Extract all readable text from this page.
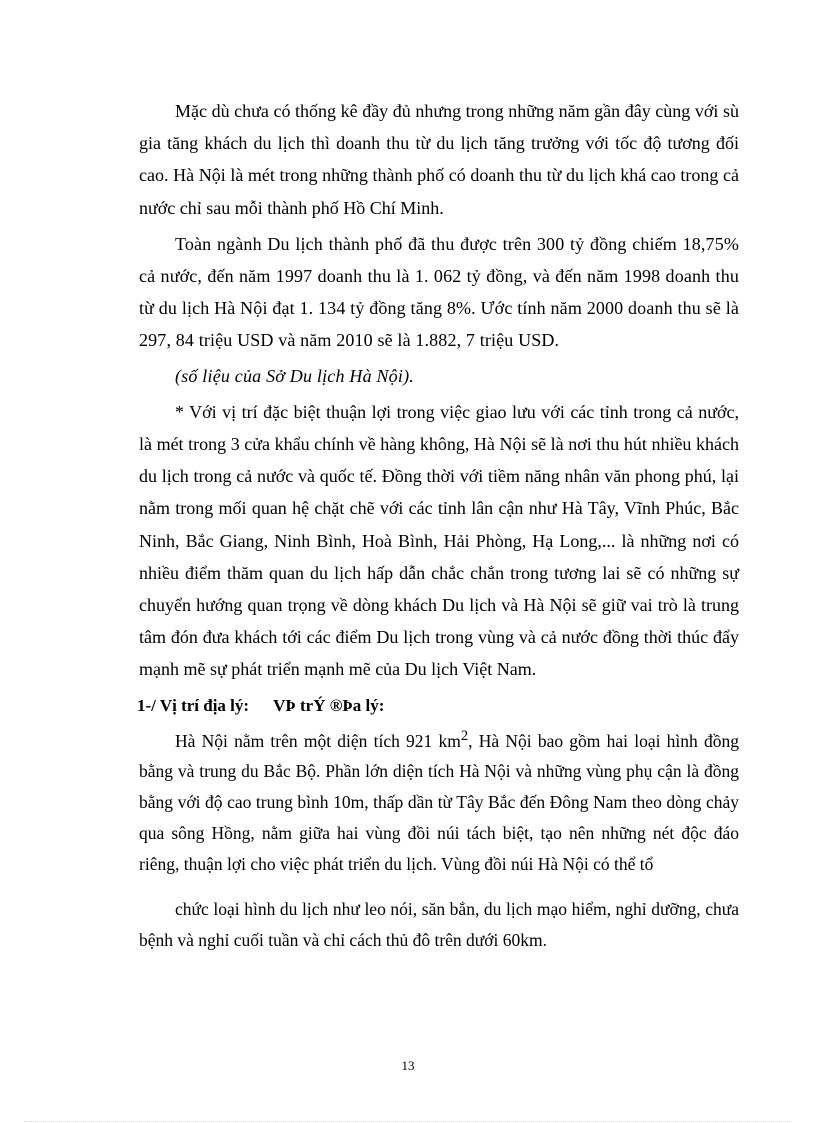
Mặc dù chưa có thống kê đầy đủ nhưng trong những năm gần đây cùng với sù gia tăng khách du lịch thì doanh thu từ du lịch tăng trưởng với tốc độ tương đối cao. Hà Nội là mét trong những thành phố có doanh thu từ du lịch khá cao trong cả nước chỉ sau mỗi thành phố Hồ Chí Minh.

Toàn ngành Du lịch thành phố đã thu được trên 300 tỷ đồng chiếm 18,75% cả nước, đến năm 1997 doanh thu là 1. 062 tỷ đồng, và đến năm 1998 doanh thu từ du lịch Hà Nội đạt 1. 134 tỷ đồng tăng 8%. Ước tính năm 2000 doanh thu sẽ là 297, 84 triệu USD và năm 2010 sẽ là 1.882, 7 triệu USD.

(số liệu của Sở Du lịch Hà Nội).

* Với vị trí đặc biệt thuận lợi trong việc giao lưu với các tỉnh trong cả nước, là mét trong 3 cửa khẩu chính về hàng không, Hà Nội sẽ là nơi thu hút nhiều khách du lịch trong cả nước và quốc tế. Đồng thời với tiềm năng nhân văn phong phú, lại nằm trong mối quan hệ chặt chẽ với các tỉnh lân cận như Hà Tây, Vĩnh Phúc, Bắc Ninh, Bắc Giang, Ninh Bình, Hoà Bình, Hải Phòng, Hạ Long,... là những nơi có nhiều điểm thăm quan du lịch hấp dẫn chắc chắn trong tương lai sẽ có những sự chuyển hướng quan trọng về dòng khách Du lịch và Hà Nội sẽ giữ vai trò là trung tâm đón đưa khách tới các điểm Du lịch trong vùng và cả nước đồng thời thúc đẩy mạnh mẽ sự phát triển mạnh mẽ của Du lịch Việt Nam.

1-/ Vị trí địa lý: VÞ trÝ ®Þa lý:

Hà Nội nằm trên một diện tích 921 $km^2$, Hà Nội bao gồm hai loại hình đồng bằng và trung du Bắc Bộ. Phần lớn diện tích Hà Nội và những vùng phụ cận là đồng bằng với độ cao trung bình 10m, thấp dần từ Tây Bắc đến Đông Nam theo dòng chảy qua sông Hồng, nằm giữa hai vùng đồi núi tách biệt, tạo nên những nét độc đáo riêng, thuận lợi cho việc phát triển du lịch. Vùng đồi núi Hà Nội có thể tổ

chức loại hình du lịch như leo nói, săn bắn, du lịch mạo hiểm, nghỉ dưỡng, chưa bệnh và nghỉ cuối tuần và chỉ cách thủ đô trên dưới 60km.

13
